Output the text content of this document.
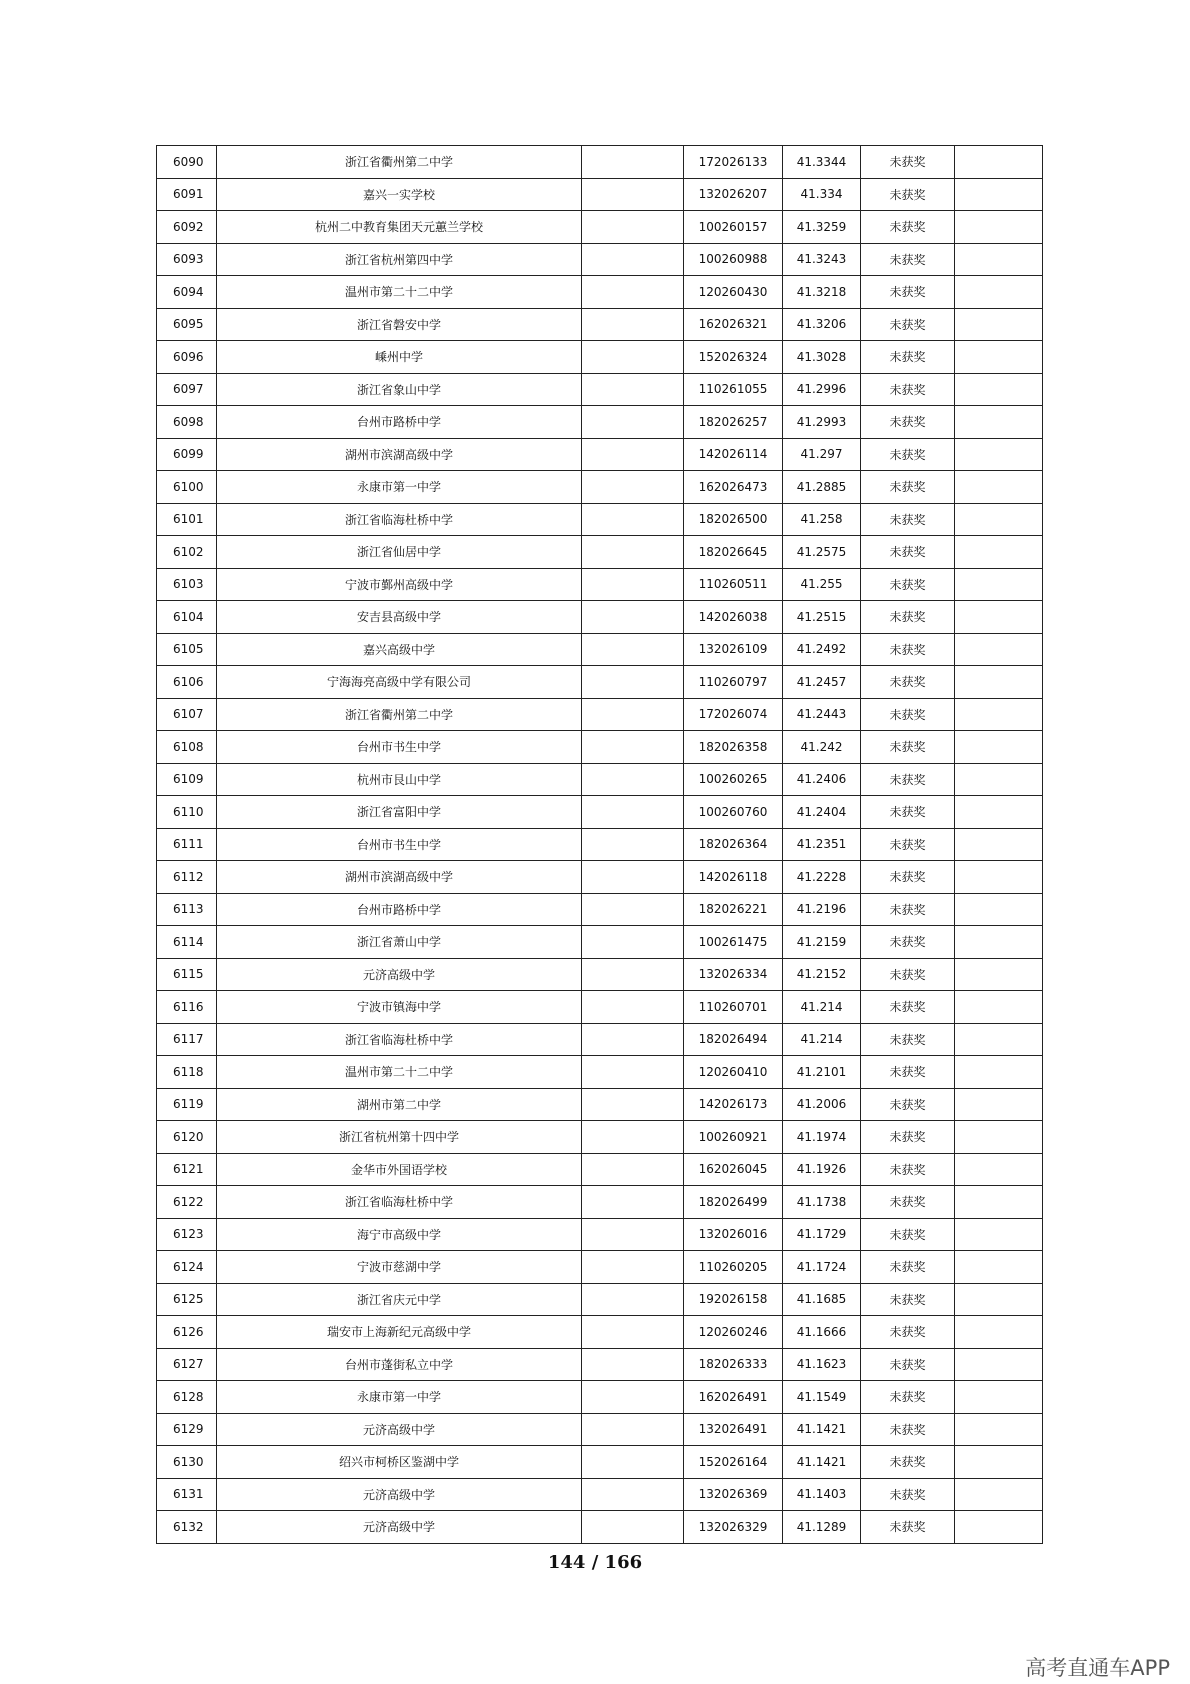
6090	浙江省衢州第二中学		172026133	41.3344	未获奖	
6091	嘉兴一实学校		132026207	41.334	未获奖	
6092	杭州二中教育集团天元蕙兰学校		100260157	41.3259	未获奖	
6093	浙江省杭州第四中学		100260988	41.3243	未获奖	
6094	温州市第二十二中学		120260430	41.3218	未获奖	
6095	浙江省磐安中学		162026321	41.3206	未获奖	
6096	嵊州中学		152026324	41.3028	未获奖	
6097	浙江省象山中学		110261055	41.2996	未获奖	
6098	台州市路桥中学		182026257	41.2993	未获奖	
6099	湖州市滨湖高级中学		142026114	41.297	未获奖	
6100	永康市第一中学		162026473	41.2885	未获奖	
6101	浙江省临海杜桥中学		182026500	41.258	未获奖	
6102	浙江省仙居中学		182026645	41.2575	未获奖	
6103	宁波市鄞州高级中学		110260511	41.255	未获奖	
6104	安吉县高级中学		142026038	41.2515	未获奖	
6105	嘉兴高级中学		132026109	41.2492	未获奖	
6106	宁海海亮高级中学有限公司		110260797	41.2457	未获奖	
6107	浙江省衢州第二中学		172026074	41.2443	未获奖	
6108	台州市书生中学		182026358	41.242	未获奖	
6109	杭州市艮山中学		100260265	41.2406	未获奖	
6110	浙江省富阳中学		100260760	41.2404	未获奖	
6111	台州市书生中学		182026364	41.2351	未获奖	
6112	湖州市滨湖高级中学		142026118	41.2228	未获奖	
6113	台州市路桥中学		182026221	41.2196	未获奖	
6114	浙江省萧山中学		100261475	41.2159	未获奖	
6115	元济高级中学		132026334	41.2152	未获奖	
6116	宁波市镇海中学		110260701	41.214	未获奖	
6117	浙江省临海杜桥中学		182026494	41.214	未获奖	
6118	温州市第二十二中学		120260410	41.2101	未获奖	
6119	湖州市第二中学		142026173	41.2006	未获奖	
6120	浙江省杭州第十四中学		100260921	41.1974	未获奖	
6121	金华市外国语学校		162026045	41.1926	未获奖	
6122	浙江省临海杜桥中学		182026499	41.1738	未获奖	
6123	海宁市高级中学		132026016	41.1729	未获奖	
6124	宁波市慈湖中学		110260205	41.1724	未获奖	
6125	浙江省庆元中学		192026158	41.1685	未获奖	
6126	瑞安市上海新纪元高级中学		120260246	41.1666	未获奖	
6127	台州市蓬街私立中学		182026333	41.1623	未获奖	
6128	永康市第一中学		162026491	41.1549	未获奖	
6129	元济高级中学		132026491	41.1421	未获奖	
6130	绍兴市柯桥区鉴湖中学		152026164	41.1421	未获奖	
6131	元济高级中学		132026369	41.1403	未获奖	
6132	元济高级中学		132026329	41.1289	未获奖	
144 / 166
高考直通车APP
